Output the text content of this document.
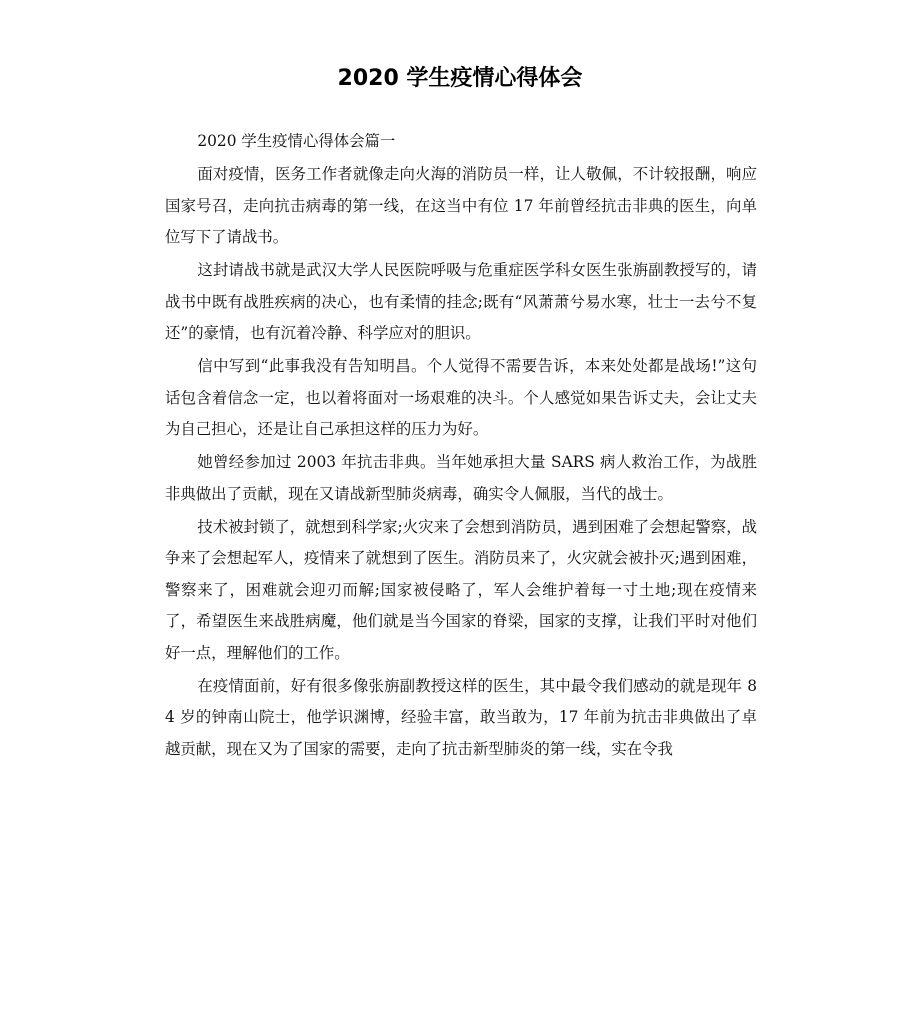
2020 学生疫情心得体会

2020 学生疫情心得体会篇一

面对疫情，医务工作者就像走向火海的消防员一样，让人敬佩，不计较报酬，响应国家号召，走向抗击病毒的第一线，在这当中有位 17 年前曾经抗击非典的医生，向单位写下了请战书。

这封请战书就是武汉大学人民医院呼吸与危重症医学科女医生张旃副教授写的，请战书中既有战胜疾病的决心，也有柔情的挂念;既有“风萧萧兮易水寒，壮士一去兮不复还”的豪情，也有沉着冷静、科学应对的胆识。

信中写到“此事我没有告知明昌。个人觉得不需要告诉，本来处处都是战场!”这句话包含着信念一定，也以着将面对一场艰难的决斗。个人感觉如果告诉丈夫，会让丈夫为自己担心，还是让自己承担这样的压力为好。

她曾经参加过 2003 年抗击非典。当年她承担大量 SARS 病人救治工作，为战胜非典做出了贡献，现在又请战新型肺炎病毒，确实令人佩服，当代的战士。

技术被封锁了，就想到科学家;火灾来了会想到消防员，遇到困难了会想起警察，战争来了会想起军人，疫情来了就想到了医生。消防员来了，火灾就会被扑灭;遇到困难，警察来了，困难就会迎刃而解;国家被侵略了，军人会维护着每一寸土地;现在疫情来了，希望医生来战胜病魔，他们就是当今国家的脊梁，国家的支撑，让我们平时对他们好一点，理解他们的工作。

在疫情面前，好有很多像张旃副教授这样的医生，其中最令我们感动的就是现年 84 岁的钟南山院士，他学识渊博，经验丰富，敢当敢为，17 年前为抗击非典做出了卓越贡献，现在又为了国家的需要，走向了抗击新型肺炎的第一线，实在令我
